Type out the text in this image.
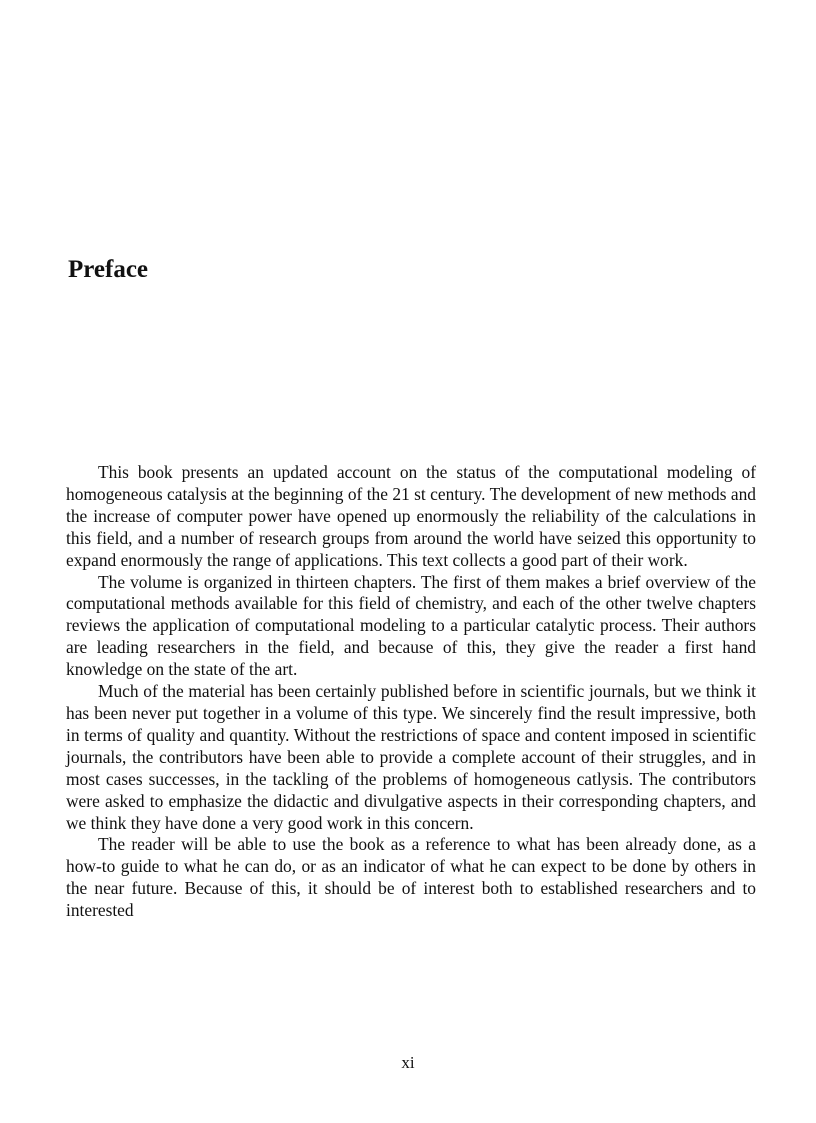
Preface

This book presents an updated account on the status of the computational modeling of homogeneous catalysis at the beginning of the 21 st century. The development of new methods and the increase of computer power have opened up enormously the reliability of the calculations in this field, and a number of research groups from around the world have seized this opportunity to expand enormously the range of applications. This text collects a good part of their work.

The volume is organized in thirteen chapters. The first of them makes a brief overview of the computational methods available for this field of chemistry, and each of the other twelve chapters reviews the application of computational modeling to a particular catalytic process. Their authors are leading researchers in the field, and because of this, they give the reader a first hand knowledge on the state of the art.

Much of the material has been certainly published before in scientific journals, but we think it has been never put together in a volume of this type. We sincerely find the result impressive, both in terms of quality and quantity. Without the restrictions of space and content imposed in scientific journals, the contributors have been able to provide a complete account of their struggles, and in most cases successes, in the tackling of the problems of homogeneous catlysis. The contributors were asked to emphasize the didactic and divulgative aspects in their corresponding chapters, and we think they have done a very good work in this concern.

The reader will be able to use the book as a reference to what has been already done, as a how-to guide to what he can do, or as an indicator of what he can expect to be done by others in the near future. Because of this, it should be of interest both to established researchers and to interested

xi
